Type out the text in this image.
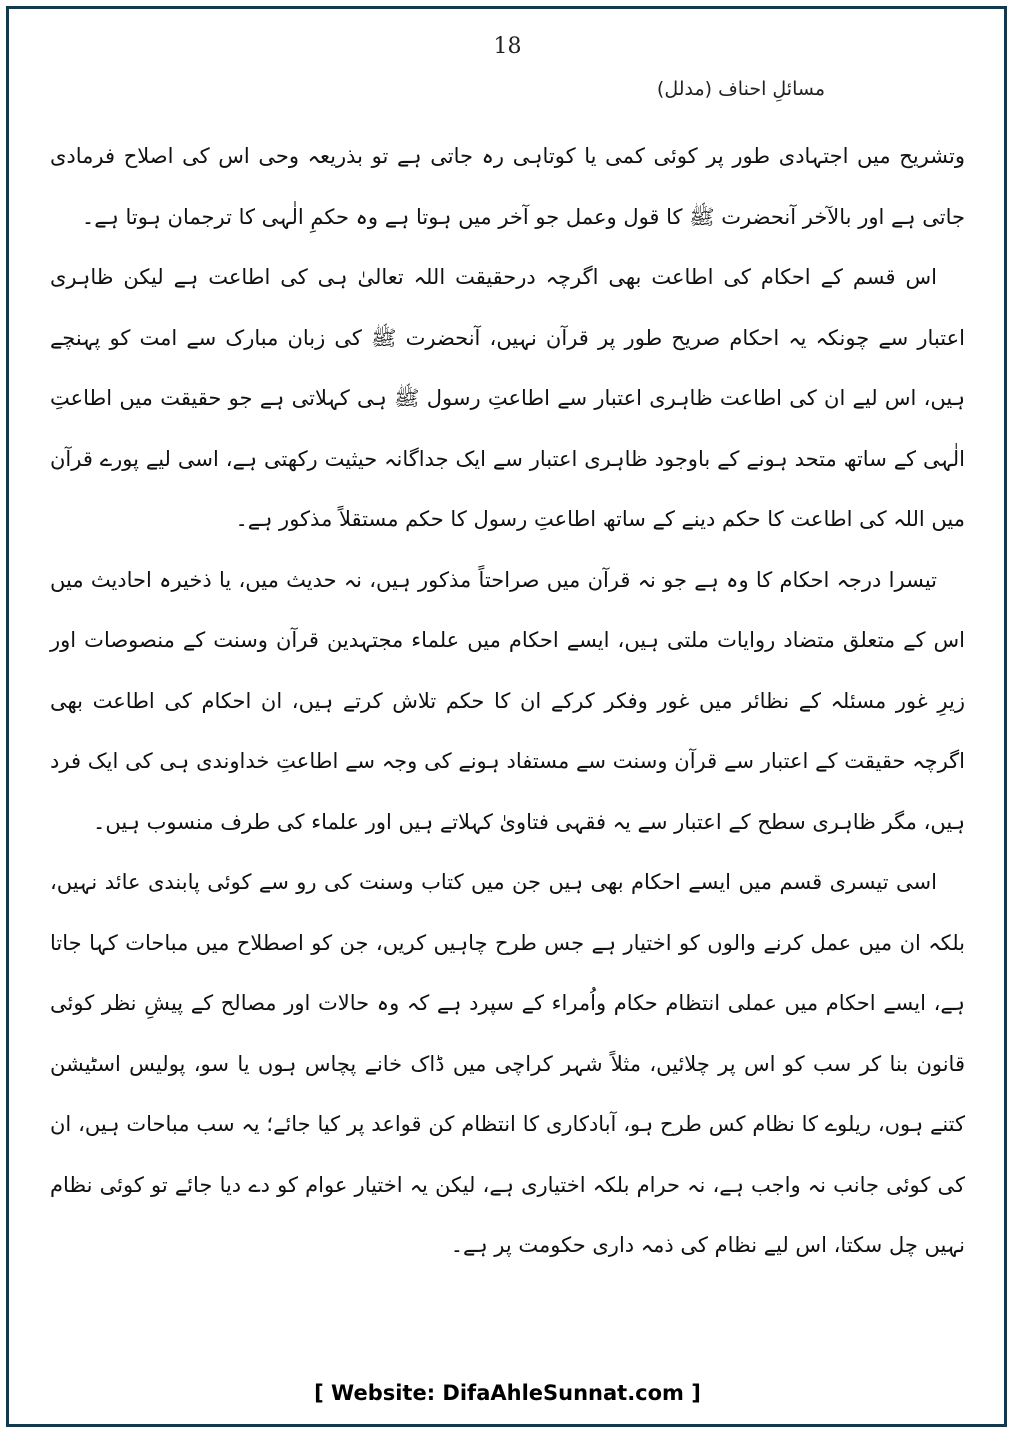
18
مسائلِ احناف (مدلل)

وتشریح میں اجتہادی طور پر کوئی کمی یا کوتاہی رہ جاتی ہے تو بذریعہ وحی اس کی اصلاح فرمادی جاتی ہے اور بالآخر آنحضرت ﷺ کا قول وعمل جو آخر میں ہوتا ہے وہ حکمِ الٰہی کا ترجمان ہوتا ہے۔

اس قسم کے احکام کی اطاعت بھی اگرچہ درحقیقت اللہ تعالیٰ ہی کی اطاعت ہے لیکن ظاہری اعتبار سے چونکہ یہ احکام صریح طور پر قرآن نہیں، آنحضرت ﷺ کی زبان مبارک سے امت کو پہنچے ہیں، اس لیے ان کی اطاعت ظاہری اعتبار سے اطاعتِ رسول ﷺ ہی کہلاتی ہے جو حقیقت میں اطاعتِ الٰہی کے ساتھ متحد ہونے کے باوجود ظاہری اعتبار سے ایک جداگانہ حیثیت رکھتی ہے، اسی لیے پورے قرآن میں اللہ کی اطاعت کا حکم دینے کے ساتھ اطاعتِ رسول کا حکم مستقلاً مذکور ہے۔

تیسرا درجہ احکام کا وہ ہے جو نہ قرآن میں صراحتاً مذکور ہیں، نہ حدیث میں، یا ذخیرہ احادیث میں اس کے متعلق متضاد روایات ملتی ہیں، ایسے احکام میں علماء مجتہدین قرآن وسنت کے منصوصات اور زیرِ غور مسئلہ کے نظائر میں غور وفکر کرکے ان کا حکم تلاش کرتے ہیں، ان احکام کی اطاعت بھی اگرچہ حقیقت کے اعتبار سے قرآن وسنت سے مستفاد ہونے کی وجہ سے اطاعتِ خداوندی ہی کی ایک فرد ہیں، مگر ظاہری سطح کے اعتبار سے یہ فقہی فتاویٰ کہلاتے ہیں اور علماء کی طرف منسوب ہیں۔

اسی تیسری قسم میں ایسے احکام بھی ہیں جن میں کتاب وسنت کی رو سے کوئی پابندی عائد نہیں، بلکہ ان میں عمل کرنے والوں کو اختیار ہے جس طرح چاہیں کریں، جن کو اصطلاح میں مباحات کہا جاتا ہے، ایسے احکام میں عملی انتظام حکام واُمراء کے سپرد ہے کہ وہ حالات اور مصالح کے پیشِ نظر کوئی قانون بنا کر سب کو اس پر چلائیں، مثلاً شہر کراچی میں ڈاک خانے پچاس ہوں یا سو، پولیس اسٹیشن کتنے ہوں، ریلوے کا نظام کس طرح ہو، آبادکاری کا انتظام کن قواعد پر کیا جائے؛ یہ سب مباحات ہیں، ان کی کوئی جانب نہ واجب ہے، نہ حرام بلکہ اختیاری ہے، لیکن یہ اختیار عوام کو دے دیا جائے تو کوئی نظام نہیں چل سکتا، اس لیے نظام کی ذمہ داری حکومت پر ہے۔

[ Website: DifaAhleSunnat.com ]
